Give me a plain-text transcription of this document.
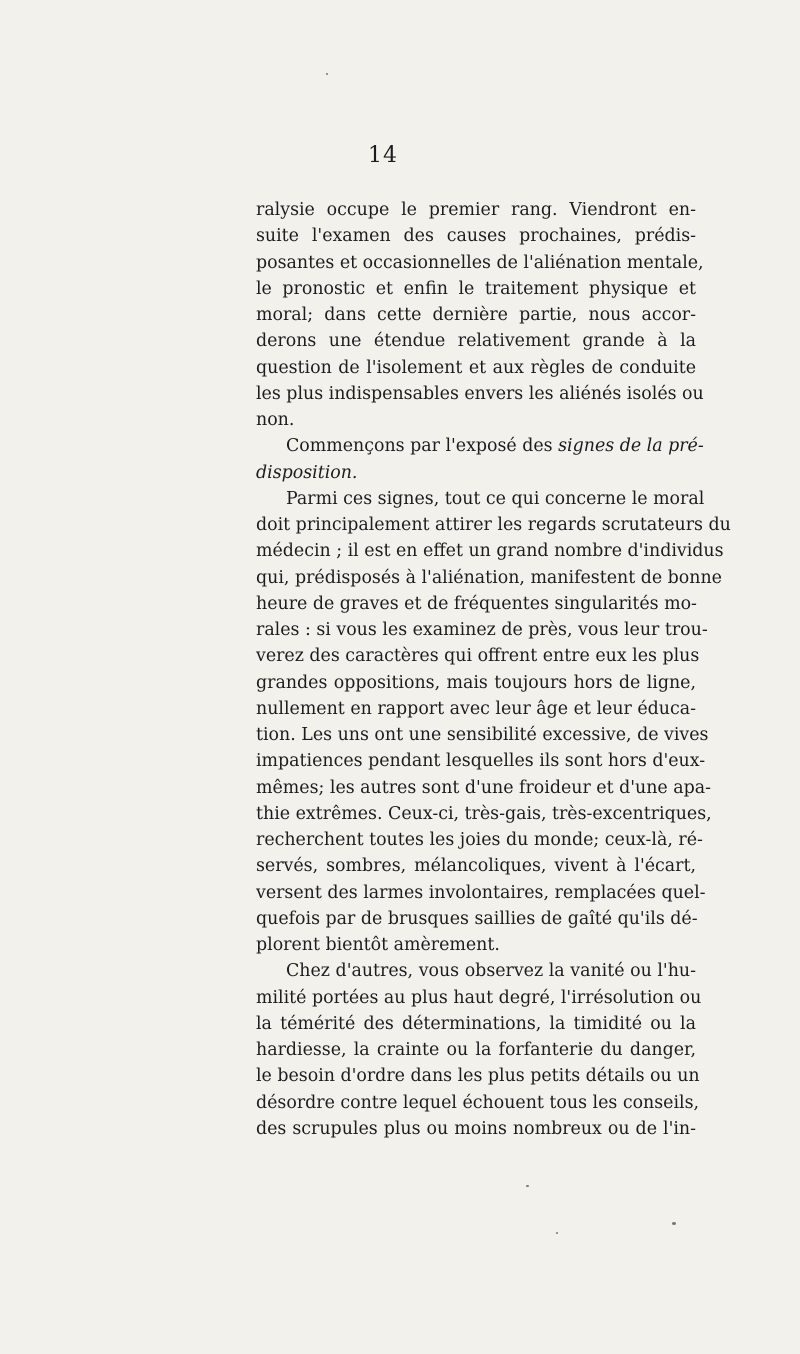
14

ralysie occupe le premier rang. Viendront en-
suite l'examen des causes prochaines, prédis-
posantes et occasionnelles de l'aliénation mentale,
le pronostic et enfin le traitement physique et
moral; dans cette dernière partie, nous accor-
derons une étendue relativement grande à la
question de l'isolement et aux règles de conduite
les plus indispensables envers les aliénés isolés ou
non.

Commençons par l'exposé des signes de la pré-
disposition.

Parmi ces signes, tout ce qui concerne le moral
doit principalement attirer les regards scrutateurs du
médecin ; il est en effet un grand nombre d'individus
qui, prédisposés à l'aliénation, manifestent de bonne
heure de graves et de fréquentes singularités mo-
rales : si vous les examinez de près, vous leur trou-
verez des caractères qui offrent entre eux les plus
grandes oppositions, mais toujours hors de ligne,
nullement en rapport avec leur âge et leur éduca-
tion. Les uns ont une sensibilité excessive, de vives
impatiences pendant lesquelles ils sont hors d'eux-
mêmes; les autres sont d'une froideur et d'une apa-
thie extrêmes. Ceux-ci, très-gais, très-excentriques,
recherchent toutes les joies du monde; ceux-là, ré-
servés, sombres, mélancoliques, vivent à l'écart,
versent des larmes involontaires, remplacées quel-
quefois par de brusques saillies de gaîté qu'ils dé-
plorent bientôt amèrement.

Chez d'autres, vous observez la vanité ou l'hu-
milité portées au plus haut degré, l'irrésolution ou
la témérité des déterminations, la timidité ou la
hardiesse, la crainte ou la forfanterie du danger,
le besoin d'ordre dans les plus petits détails ou un
désordre contre lequel échouent tous les conseils,
des scrupules plus ou moins nombreux ou de l'in-
